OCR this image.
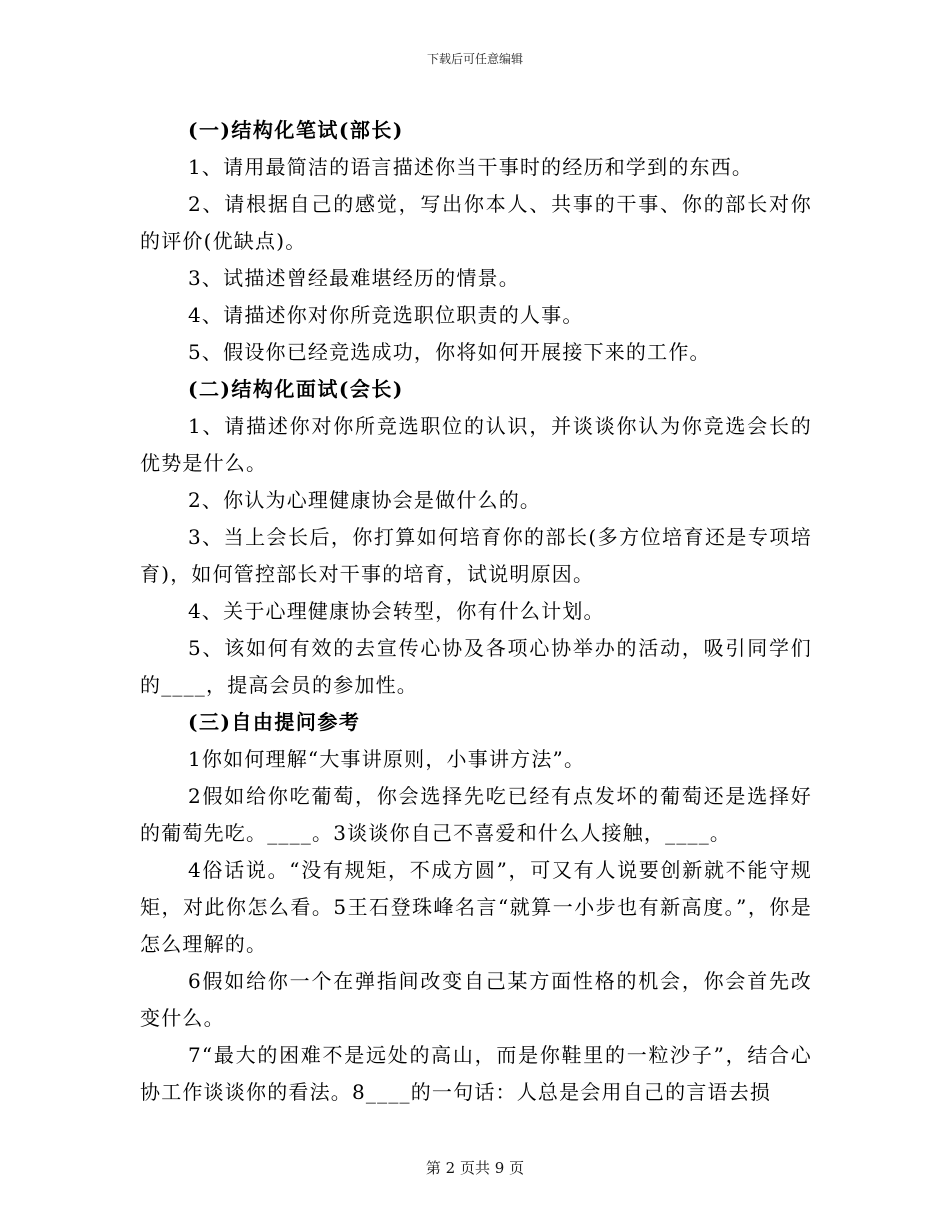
下载后可任意编辑

(一)结构化笔试(部长)

1、请用最简洁的语言描述你当干事时的经历和学到的东西。

2、请根据自己的感觉，写出你本人、共事的干事、你的部长对你的评价(优缺点)。

3、试描述曾经最难堪经历的情景。

4、请描述你对你所竞选职位职责的人事。

5、假设你已经竞选成功，你将如何开展接下来的工作。

(二)结构化面试(会长)

1、请描述你对你所竞选职位的认识，并谈谈你认为你竞选会长的优势是什么。

2、你认为心理健康协会是做什么的。

3、当上会长后，你打算如何培育你的部长(多方位培育还是专项培育)，如何管控部长对干事的培育，试说明原因。

4、关于心理健康协会转型，你有什么计划。

5、该如何有效的去宣传心协及各项心协举办的活动，吸引同学们的____，提高会员的参加性。

(三)自由提问参考

1你如何理解“大事讲原则，小事讲方法”。

2假如给你吃葡萄，你会选择先吃已经有点发坏的葡萄还是选择好的葡萄先吃。____。3谈谈你自己不喜爱和什么人接触，____。

4俗话说。“没有规矩，不成方圆”，可又有人说要创新就不能守规矩，对此你怎么看。5王石登珠峰名言“就算一小步也有新高度。”，你是怎么理解的。

6假如给你一个在弹指间改变自己某方面性格的机会，你会首先改变什么。

7“最大的困难不是远处的高山，而是你鞋里的一粒沙子”，结合心协工作谈谈你的看法。8____的一句话：人总是会用自己的言语去损

第 2 页共 9 页
